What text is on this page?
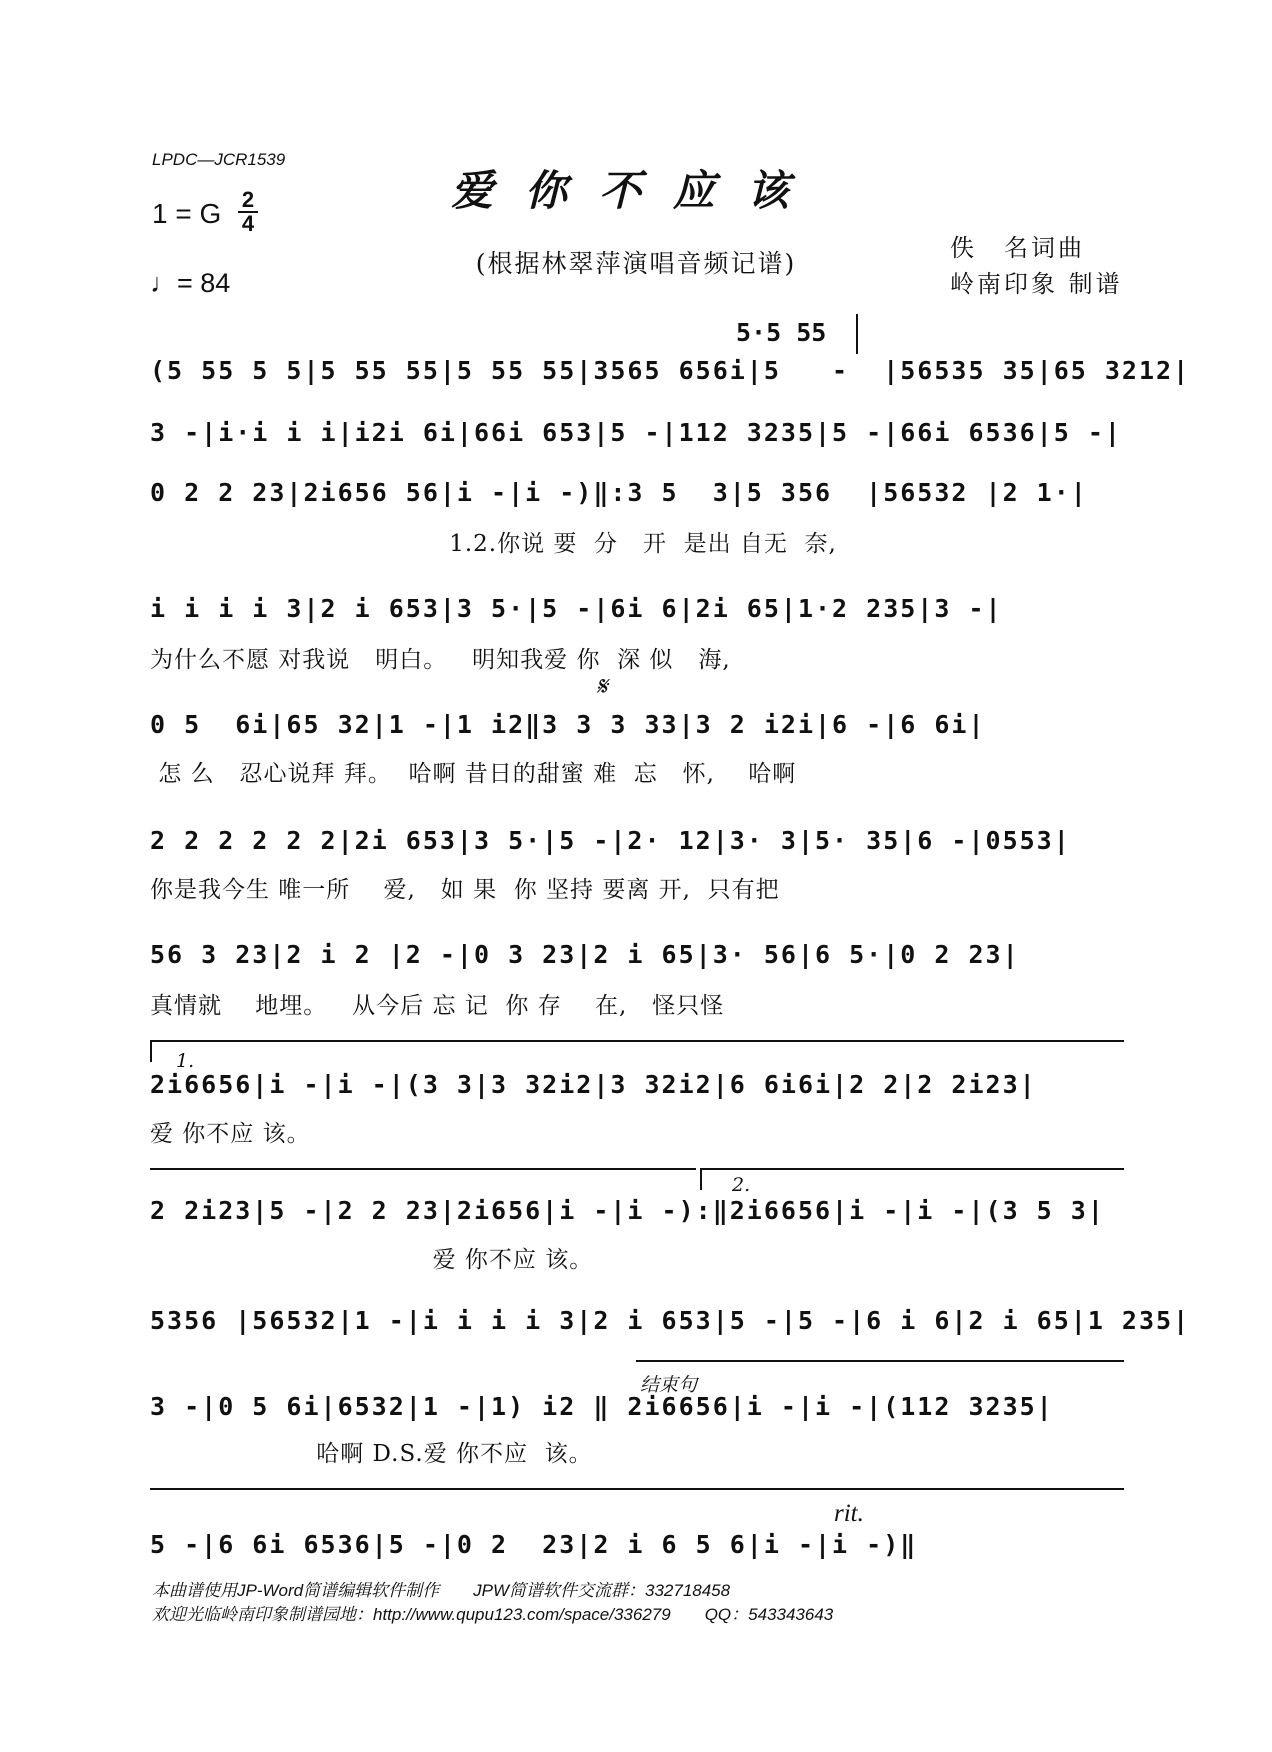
LPDC—JCR1539
爱你不应该
1 = G 2
4
♩= 84
(根据林翠萍演唱音频记谱)
佚　名词曲
岭南印象 制谱
5·5 55
(5 55 5 5|5 55 55|5 55 55|3565 656i|5   -  |56535 35|65 3212|
3 -|i·i i i|i2i 6i|66i 653|5 -|112 3235|5 -|66i 6536|5 -|
0 2 2 23|2i656 56|i -|i -)‖:3 5  3|5 356  |56532 |2 1·|
1.2.你说 要  分   开  是出 自无  奈,
i i i i 3|2 i 653|3 5·|5 -|6i 6|2i 65|1·2 235|3 -|
为什么不愿 对我说   明白。   明知我爱 你  深 似   海,
𝄋
0 5  6i|65 32|1 -|1 i2‖3 3 3 33|3 2 i2i|6 -|6 6i|
怎 么   忍心说拜 拜。  哈啊 昔日的甜蜜 难  忘   怀,    哈啊
2 2 2 2 2 2|2i 653|3 5·|5 -|2· 12|3· 3|5· 35|6 -|0553|
你是我今生 唯一所    爱,   如 果  你 坚持 要离 开,  只有把
56 3 23|2 i 2 |2 -|0 3 23|2 i 65|3· 56|6 5·|0 2 23|
真情就    地埋。   从今后 忘 记  你 存    在,   怪只怪
1.
2i6656|i -|i -|(3 3|3 32i2|3 32i2|6 6i6i|2 2|2 2i23|
爱 你不应 该。
2.
2 2i23|5 -|2 2 23|2i656|i -|i -):‖2i6656|i -|i -|(3 5 3|
爱 你不应 该。
5356 |56532|1 -|i i i i 3|2 i 653|5 -|5 -|6 i 6|2 i 65|1 235|
结束句
3 -|0 5 6i|6532|1 -|1) i2 ‖ 2i6656|i -|i -|(112 3235|
哈啊 D.S.爱 你不应  该。
rit.
5 -|6 6i 6536|5 -|0 2  23|2 i 6 5 6|i -|i -)‖
本曲谱使用JP-Word简谱编辑软件制作　　JPW简谱软件交流群：332718458
欢迎光临岭南印象制谱园地：http://www.qupu123.com/space/336279　　QQ：543343643
